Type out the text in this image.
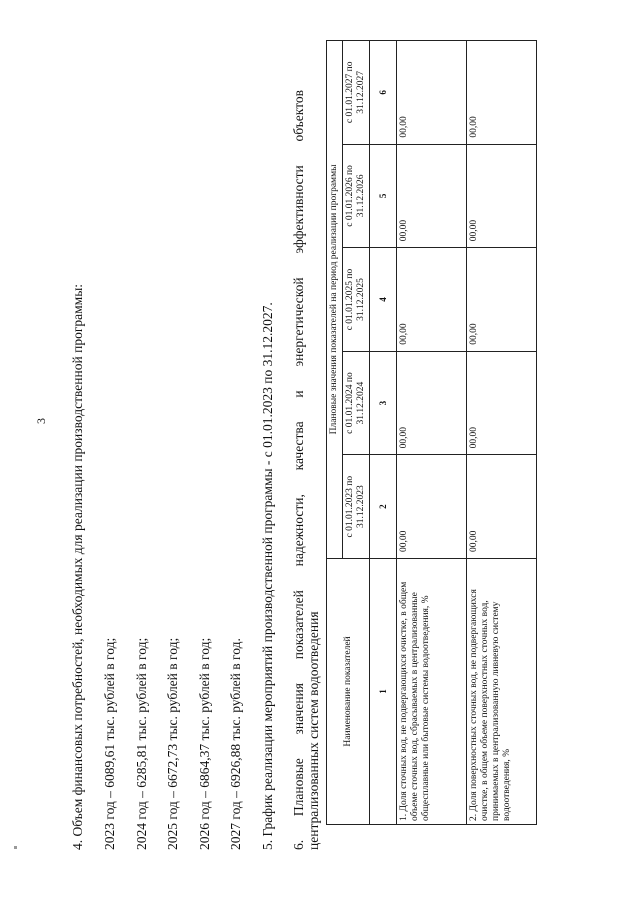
3 4. Объем финансовых потребностей, необходимых для реализации производственной программы: 2023 год – 6089,61 тыс. рублей в год; 2024 год – 6285,81 тыс. рублей в год; 2025 год – 6672,73 тыс. рублей в год; 2026 год – 6864,37 тыс. рублей в год; 2027 год – 6926,88 тыс. рублей в год. 5. График реализации мероприятий производственной программы - с 01.01.2023 по 31.12.2027. 6. Плановые значения показателей надежности, качества и энергетической эффективности объектов централизованных систем водоотведения Наименование показателей	Плановые значения показателей на период реализации программы				
	с 01.01.2023 по 31.12.2023	с 01.01.2024 по 31.12.2024	с 01.01.2025 по 31.12.2025	с 01.01.2026 по 31.12.2026	с 01.01.2027 по 31.12.2027
1	2	3	4	5	6
1. Доля сточных вод, не подвергающихся очистке, в общем объеме сточных вод, сбрасываемых в централизованные общесплавные или бытовые системы водоотведения, %	00,00	00,00	00,00	00,00	00,00
2. Доля поверхностных сточных вод, не подвергающихся очистке, в общем объеме поверхностных сточных вод, принимаемых в централизованную ливневую систему водоотведения, %	00,00	00,00	00,00	00,00	00,00
